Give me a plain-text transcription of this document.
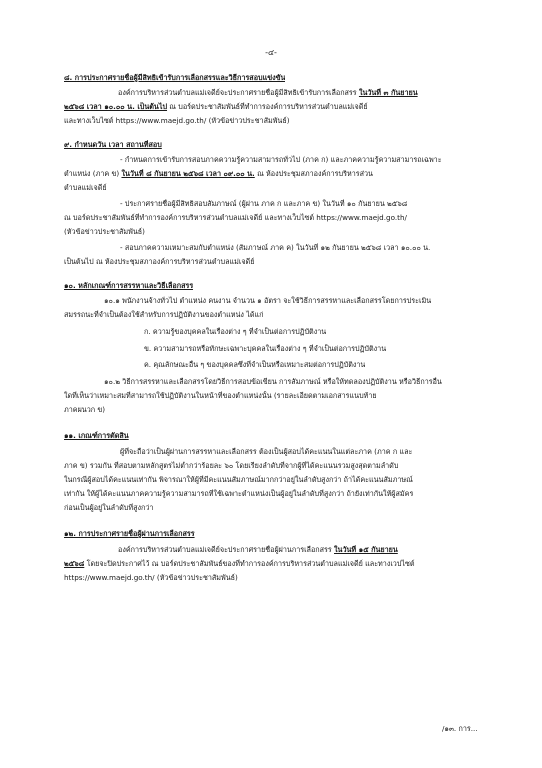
-๔-
๘. การประกาศรายชื่อผู้มีสิทธิเข้ารับการเลือกสรรและวิธีการสอบแข่งขัน
องค์การบริหารส่วนตำบลแม่เจดีย์จะประกาศรายชื่อผู้มีสิทธิเข้ารับการเลือกสรร ในวันที่ ๓ กันยายน
๒๕๖๘ เวลา ๑๐.๐๐ น. เป็นต้นไป ณ บอร์ดประชาสัมพันธ์ที่ทำการองค์การบริหารส่วนตำบลแม่เจดีย์
และทางเว็บไซต์ https://www.maejd.go.th/ (หัวข้อข่าวประชาสัมพันธ์)
๙. กำหนดวัน เวลา สถานที่สอบ
- กำหนดการเข้ารับการสอบภาคความรู้ความสามารถทั่วไป (ภาค ก) และภาคความรู้ความสามารถเฉพาะ
ตำแหน่ง (ภาค ข) ในวันที่ ๘ กันยายน ๒๕๖๘ เวลา ๐๙.๐๐ น. ณ ห้องประชุมสภาองค์การบริหารส่วน
ตำบลแม่เจดีย์
- ประกาศรายชื่อผู้มีสิทธิสอบสัมภาษณ์ (ผู้ผ่าน ภาค ก และภาค ข) ในวันที่ ๑๐ กันยายน ๒๕๖๘
ณ บอร์ดประชาสัมพันธ์ที่ทำการองค์การบริหารส่วนตำบลแม่เจดีย์ และทางเว็บไซต์ https://www.maejd.go.th/
(หัวข้อข่าวประชาสัมพันธ์)
- สอบภาคความเหมาะสมกับตำแหน่ง (สัมภาษณ์ ภาค ค) ในวันที่ ๑๒ กันยายน ๒๕๖๘ เวลา ๑๐.๐๐ น.
เป็นต้นไป ณ ห้องประชุมสภาองค์การบริหารส่วนตำบลแม่เจดีย์
๑๐. หลักเกณฑ์การสรรหาและวิธีเลือกสรร
๑๐.๑ พนักงานจ้างทั่วไป ตำแหน่ง คนงาน จำนวน ๑ อัตรา จะใช้วิธีการสรรหาและเลือกสรรโดยการประเมิน
สมรรถนะที่จำเป็นต้องใช้สำหรับการปฏิบัติงานของตำแหน่ง ได้แก่
ก. ความรู้ของบุคคลในเรื่องต่าง ๆ ที่จำเป็นต่อการปฏิบัติงาน
ข. ความสามารถหรือทักษะเฉพาะบุคคลในเรื่องต่าง ๆ ที่จำเป็นต่อการปฏิบัติงาน
ค. คุณลักษณะอื่น ๆ ของบุคคลซึ่งที่จำเป็นหรือเหมาะสมต่อการปฏิบัติงาน
๑๐.๒ วิธีการสรรหาและเลือกสรรโดยวิธีการสอบข้อเขียน การสัมภาษณ์ หรือให้ทดลองปฏิบัติงาน หรือวิธีการอื่น
ใดที่เห็นว่าเหมาะสมที่สามารถใช้ปฏิบัติงานในหน้าที่ของตำแหน่งนั้น (รายละเอียดตามเอกสารแนบท้าย
ภาคผนวก ข)
๑๑. เกณฑ์การตัดสิน
ผู้ที่จะถือว่าเป็นผู้ผ่านการสรรหาและเลือกสรร ต้องเป็นผู้สอบได้คะแนนในแต่ละภาค (ภาค ก และ
ภาค ข) รวมกัน ที่สอบตามหลักสูตรไม่ต่ำกว่าร้อยละ ๖๐ โดยเรียงลำดับที่จากผู้ที่ได้คะแนนรวมสูงสุดตามลำดับ
ในกรณีผู้สอบได้คะแนนเท่ากัน พิจารณาให้ผู้ที่มีคะแนนสัมภาษณ์มากกว่าอยู่ในลำดับสูงกว่า ถ้าได้คะแนนสัมภาษณ์
เท่ากัน ให้ผู้ได้คะแนนภาคความรู้ความสามารถที่ใช้เฉพาะตำแหน่งเป็นผู้อยู่ในลำดับที่สูงกว่า ถ้ายังเท่ากันให้ผู้สมัคร
ก่อนเป็นผู้อยู่ในลำดับที่สูงกว่า
๑๒. การประกาศรายชื่อผู้ผ่านการเลือกสรร
องค์การบริหารส่วนตำบลแม่เจดีย์จะประกาศรายชื่อผู้ผ่านการเลือกสรร ในวันที่ ๑๕ กันยายน
๒๕๖๘ โดยจะปิดประกาศไว้ ณ บอร์ดประชาสัมพันธ์ของที่ทำการองค์การบริหารส่วนตำบลแม่เจดีย์ และทางเวปไซต์
https://www.maejd.go.th/ (หัวข้อข่าวประชาสัมพันธ์)
/๑๓. การ...
